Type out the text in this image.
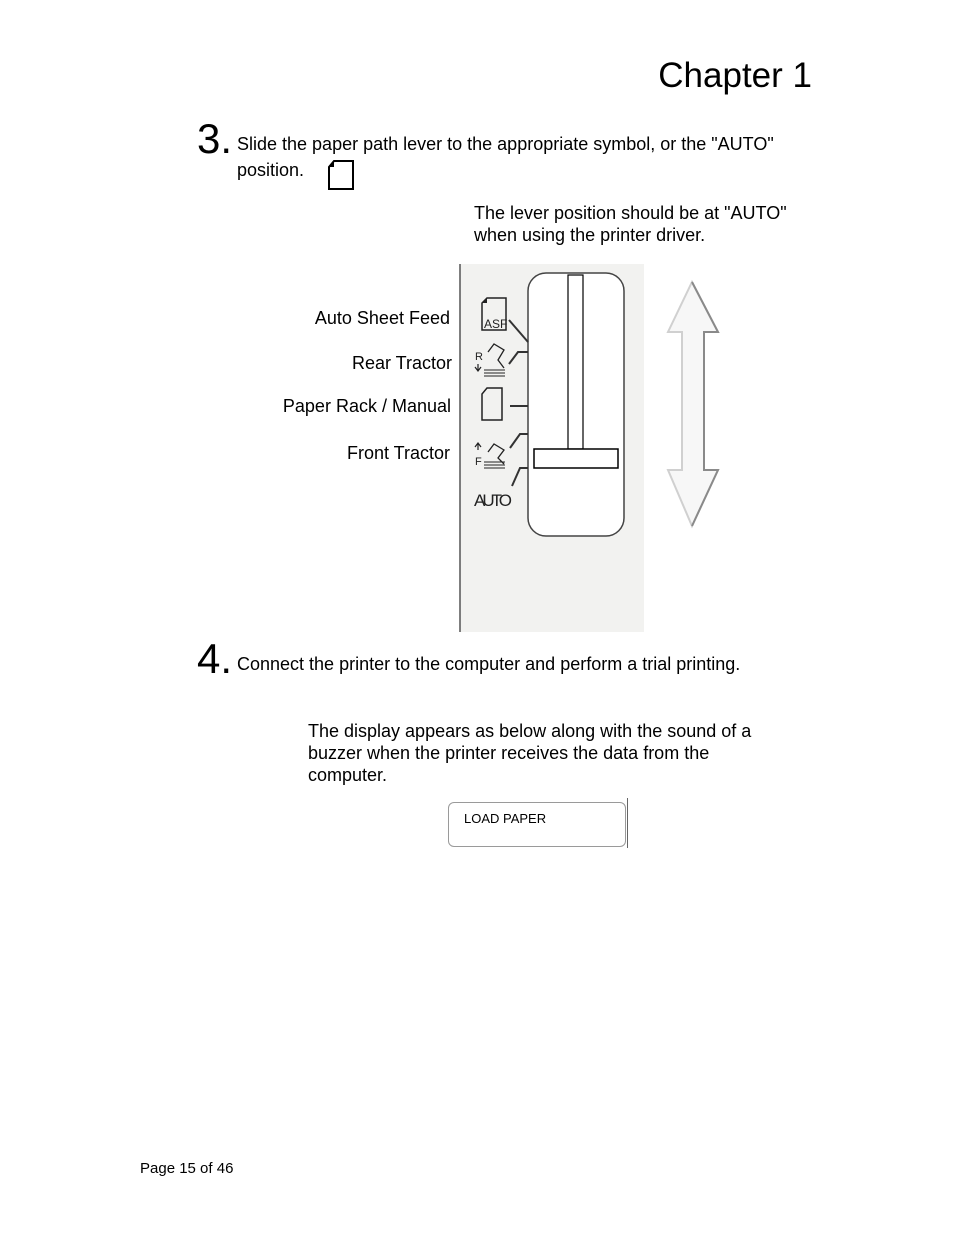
Chapter 1
3. Slide the paper path lever to the appropriate symbol, or the "AUTO" position.
The lever position should be at "AUTO"
when using the printer driver.
Auto Sheet Feed
Rear Tractor
Paper Rack / Manual
Front Tractor
ASF
R
F
AUTO
4. Connect the printer to the computer and perform a trial printing.
The display appears as below along with the sound of a
buzzer when the printer receives the data from the
computer.
LOAD PAPER
Page 15 of 46
